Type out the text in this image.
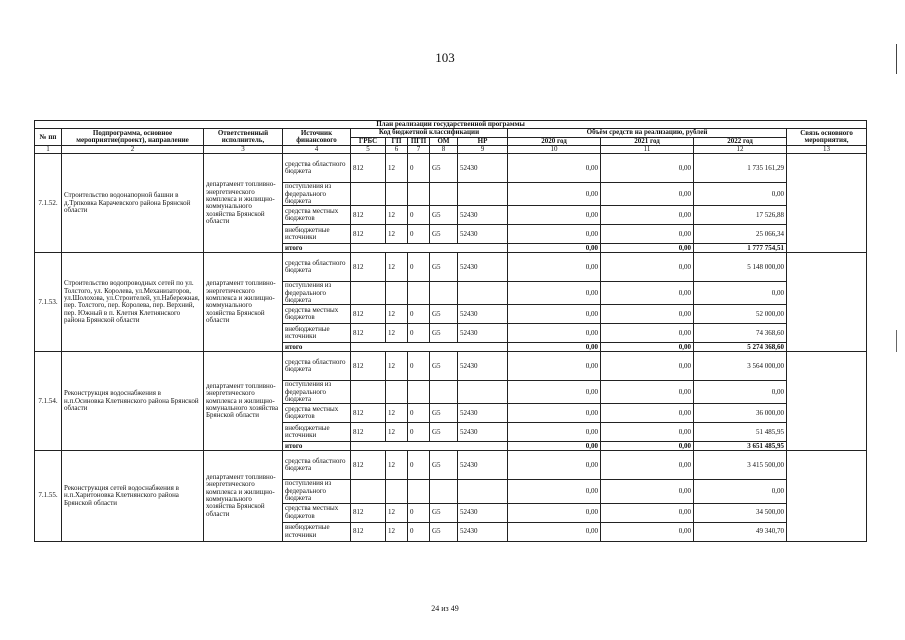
103
План реализации государственной программы												
№ пп	Подпрограмма, основное мероприятие(проект), направление	Ответственный исполнитель,	Источник финансового	Код бюджетной классификации					Объём средств на реализацию, рублей			Связь основного мероприятия,
				ГРБС	ГП	ПГП	ОМ	НР	2020 год	2021 год	2022 год	
1	2	3	4	5	6	7	8	9	10	11	12	13
7.1.52.	Строительство водонапорной башни в д.Трпковка Карачевского района Брянской области	департамент топливно-энергетического комплекса и жилищно-коммунального хозяйства Брянской области	средства областного бюджета	812	12	0	G5	52430	0,00	0,00	1 735 161,29	
			поступления из федерального бюджета						0,00	0,00	0,00	
			средства местных бюджетов	812	12	0	G5	52430	0,00	0,00	17 526,88	
			внебюджетные источники	812	12	0	G5	52430	0,00	0,00	25 066,34	
			итого						0,00	0,00	1 777 754,51	
7.1.53.	Строительство водопроводных сетей по ул. Толстого, ул. Королева, ул.Механизаторов, ул.Шолохова, ул.Строителей, ул.Набережная, пер. Толстого, пер. Королева, пер. Верхний, пер. Южный в п. Клетня Клетнянского района Брянской области	департамент топливно-энергетического комплекса и жилищно-коммунального хозяйства Брянской области	средства областного бюджета	812	12	0	G5	52430	0,00	0,00	5 148 000,00	
			поступления из федерального бюджета						0,00	0,00	0,00	
			средства местных бюджетов	812	12	0	G5	52430	0,00	0,00	52 000,00	
			внебюджетные источники	812	12	0	G5	52430	0,00	0,00	74 368,60	
			итого						0,00	0,00	5 274 368,60	
7.1.54.	Реконструкция водоснабжения в н.п.Осиновка Клетнянского района Брянской области	департамент топливно-энергетического комплекса и жилищно-комунального хозяйства Брянской области	средства областного бюджета	812	12	0	G5	52430	0,00	0,00	3 564 000,00	
			поступления из федерального бюджета						0,00	0,00	0,00	
			средства местных бюджетов	812	12	0	G5	52430	0,00	0,00	36 000,00	
			внебюджетные источники	812	12	0	G5	52430	0,00	0,00	51 485,95	
			итого						0,00	0,00	3 651 485,95	
7.1.55.	Реконструкция сетей водоснабжения в н.п.Харитоновка Клетнянского района Брянской области	департамент топливно-энергетического комплекса и жилищно-коммунального хозяйства Брянской области	средства областного бюджета	812	12	0	G5	52430	0,00	0,00	3 415 500,00	
			поступления из федерального бюджета						0,00	0,00	0,00	
			средства местных бюджетов	812	12	0	G5	52430	0,00	0,00	34 500,00	
			внебюджетные источники	812	12	0	G5	52430	0,00	0,00	49 340,70	
24 из 49
